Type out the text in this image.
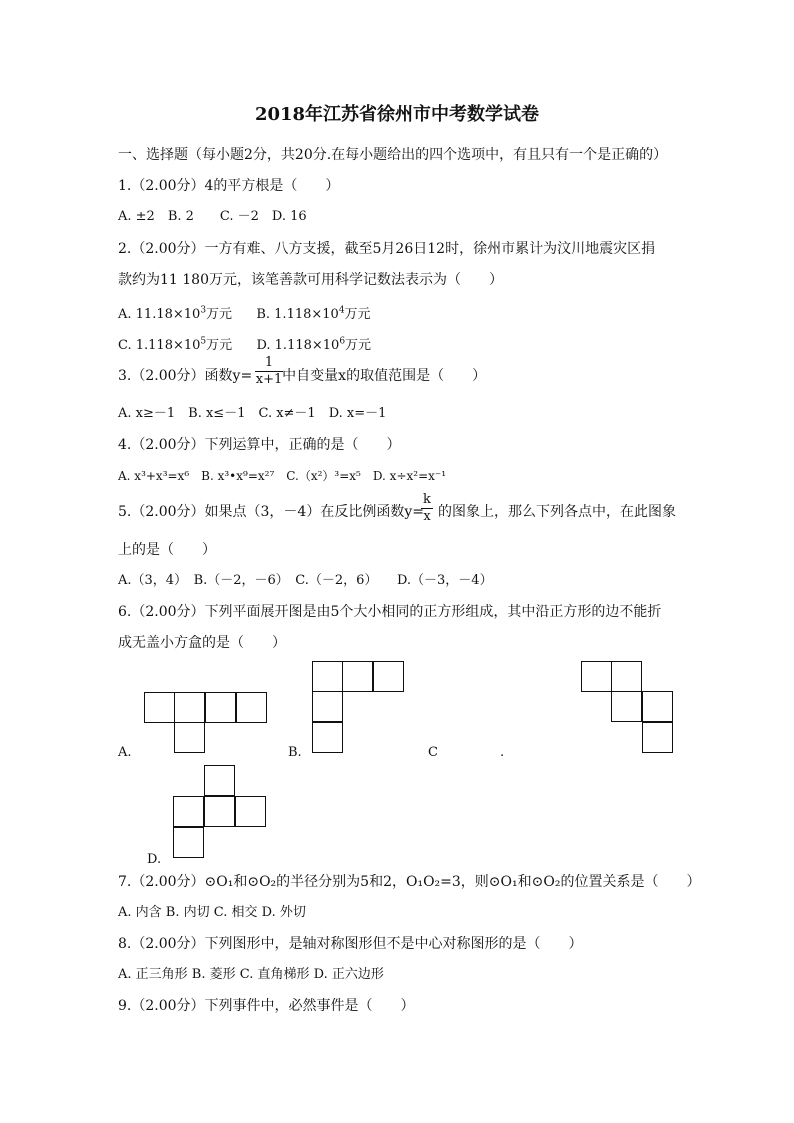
2018年江苏省徐州市中考数学试卷
一、选择题（每小题2分，共20分.在每小题给出的四个选项中，有且只有一个是正确的）
1.（2.00分）4的平方根是（　　）
A. ±2　B. 2　　C. －2　D. 16
2.（2.00分）一方有难、八方支援，截至5月26日12时，徐州市累计为汶川地震灾区捐
款约为11 180万元，该笔善款可用科学记数法表示为（　　）
A. $11.18\times 10^3$万元 B. $1.118\times 10^4$万元
C. $1.118\times 10^5$万元 D. $1.118\times 10^6$万元
3.（2.00分）函数y= 中自变量x的取值范围是（　　）
1
x+1
A. x≥－1　B. x≤－1　C. x≠－1　D. x=－1
4.（2.00分）下列运算中，正确的是（　　）
A. x³+x³=x⁶　B. x³•x⁹=x²⁷　C.（x²）³=x⁵　D. x÷x²=x⁻¹
5.（2.00分）如果点（3，－4）在反比例函数y= 的图象上，那么下列各点中，在此图象
k
x
上的是（　　）
A.（3，4）　B.（－2，－6）　C.（－2，6）　　D.（－3，－4）
6.（2.00分）下列平面展开图是由5个大小相同的正方形组成，其中沿正方形的边不能折
成无盖小方盒的是（　　）
A.	B.	C	.
D.
7.（2.00分）⊙O₁和⊙O₂的半径分别为5和2，O₁O₂=3，则⊙O₁和⊙O₂的位置关系是（　　）
A. 内含 B. 内切 C. 相交 D. 外切
8.（2.00分）下列图形中，是轴对称图形但不是中心对称图形的是（　　）
A. 正三角形 B. 菱形 C. 直角梯形 D. 正六边形
9.（2.00分）下列事件中，必然事件是（　　）
